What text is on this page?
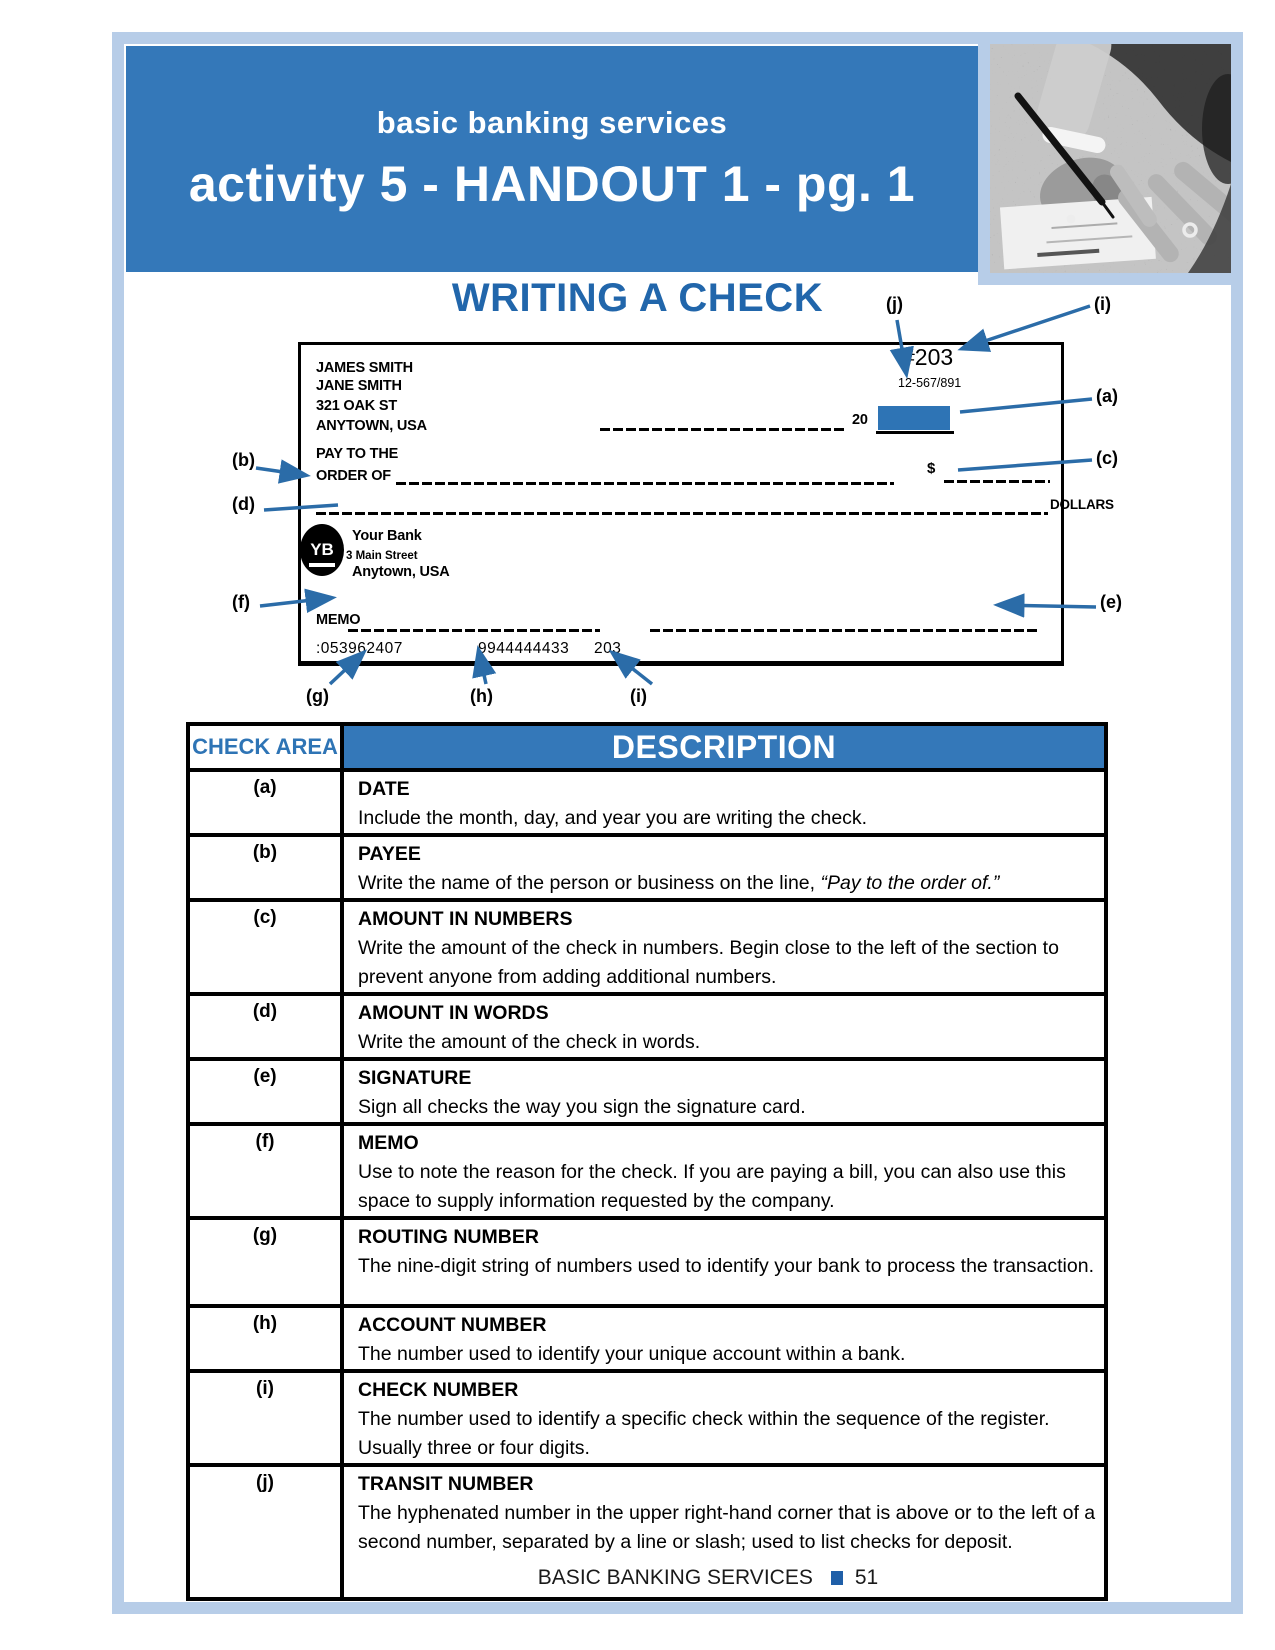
basic banking services
activity 5 - HANDOUT 1 - pg. 1
WRITING A CHECK
JAMES SMITH
JANE SMITH
321 OAK ST
ANYTOWN, USA
#203
12-567/891
20
PAY TO THE
ORDER OF	$
DOLLARS
YB
Your Bank
3 Main Street
Anytown, USA
MEMO
:053962407	9944444433 203
(j)	(i)
(a)
(b)	(c)
(d)
(e)
(f)
(g)	(h)	(i)
CHECK AREA	DESCRIPTION
(a)	DATE
Include the month, day, and year you are writing the check.
(b)	PAYEE
Write the name of the person or business on the line, “Pay to the order of.”
(c)	AMOUNT IN NUMBERS
Write the amount of the check in numbers. Begin close to the left of the section to prevent anyone from adding additional numbers.
(d)	AMOUNT IN WORDS
Write the amount of the check in words.
(e)	SIGNATURE
Sign all checks the way you sign the signature card.
(f)	MEMO
Use to note the reason for the check. If you are paying a bill, you can also use this space to supply information requested by the company.
(g)	ROUTING NUMBER
The nine-digit string of numbers used to identify your bank to process the transaction.
(h)	ACCOUNT NUMBER
The number used to identify your unique account within a bank.
(i)	CHECK NUMBER
The number used to identify a specific check within the sequence of the register. Usually three or four digits.
(j)	TRANSIT NUMBER
The hyphenated number in the upper right-hand corner that is above or to the left of a second number, separated by a line or slash; used to list checks for deposit.
BASIC BANKING SERVICES 51
